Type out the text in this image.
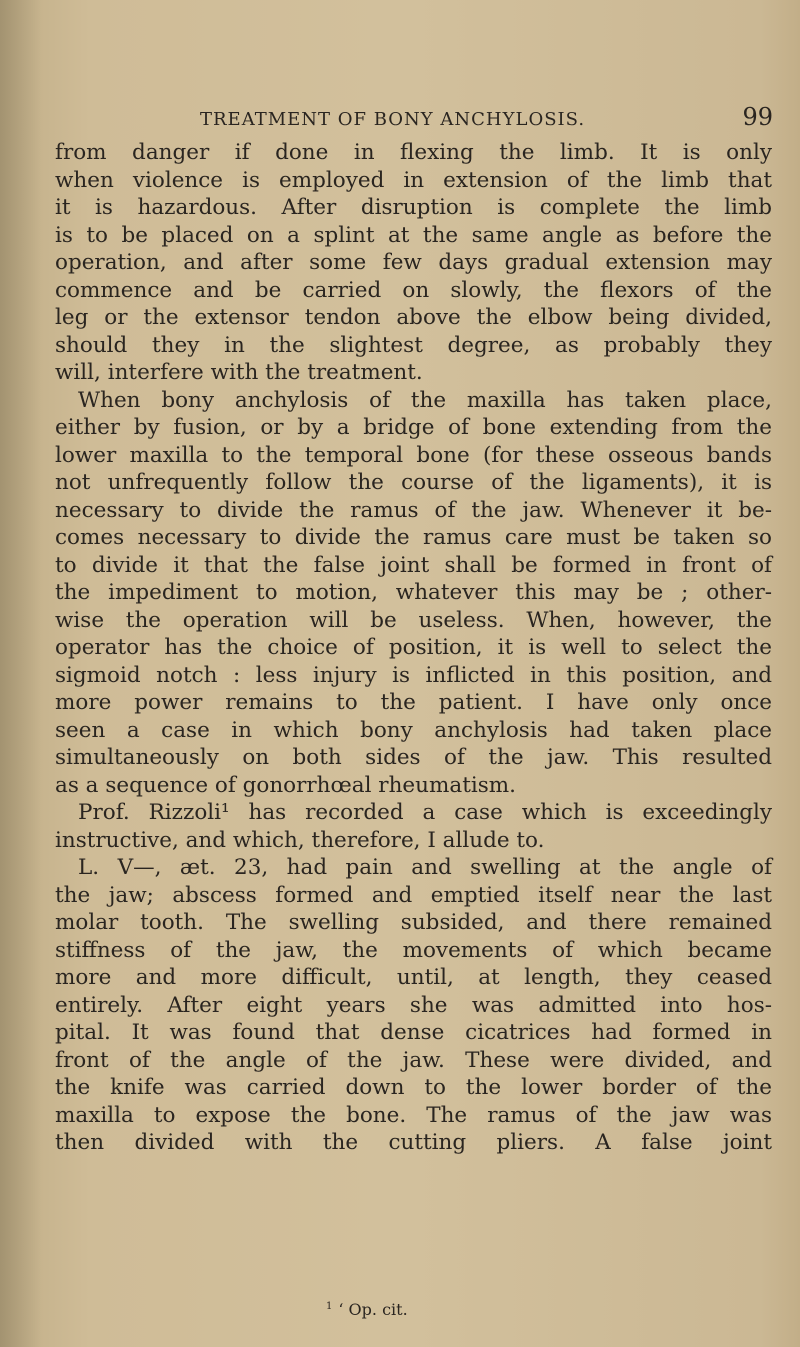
TREATMENT OF BONY ANCHYLOSIS.	99
from danger if done in flexing the limb. It is only
when violence is employed in extension of the limb that
it is hazardous. After disruption is complete the limb
is to be placed on a splint at the same angle as before the
operation, and after some few days gradual extension may
commence and be carried on slowly, the flexors of the
leg or the extensor tendon above the elbow being divided,
should they in the slightest degree, as probably they
will, interfere with the treatment.
When bony anchylosis of the maxilla has taken place,
either by fusion, or by a bridge of bone extending from the
lower maxilla to the temporal bone (for these osseous bands
not unfrequently follow the course of the ligaments), it is
necessary to divide the ramus of the jaw. Whenever it be-
comes necessary to divide the ramus care must be taken so
to divide it that the false joint shall be formed in front of
the impediment to motion, whatever this may be ; other-
wise the operation will be useless. When, however, the
operator has the choice of position, it is well to select the
sigmoid notch : less injury is inflicted in this position, and
more power remains to the patient. I have only once
seen a case in which bony anchylosis had taken place
simultaneously on both sides of the jaw. This resulted
as a sequence of gonorrhœal rheumatism.
Prof. Rizzoli¹ has recorded a case which is exceedingly
instructive, and which, therefore, I allude to.
L. V—, æt. 23, had pain and swelling at the angle of
the jaw; abscess formed and emptied itself near the last
molar tooth. The swelling subsided, and there remained
stiffness of the jaw, the movements of which became
more and more difficult, until, at length, they ceased
entirely. After eight years she was admitted into hos-
pital. It was found that dense cicatrices had formed in
front of the angle of the jaw. These were divided, and
the knife was carried down to the lower border of the
maxilla to expose the bone. The ramus of the jaw was
then divided with the cutting pliers. A false joint
$^1$ ‘ Op. cit.
